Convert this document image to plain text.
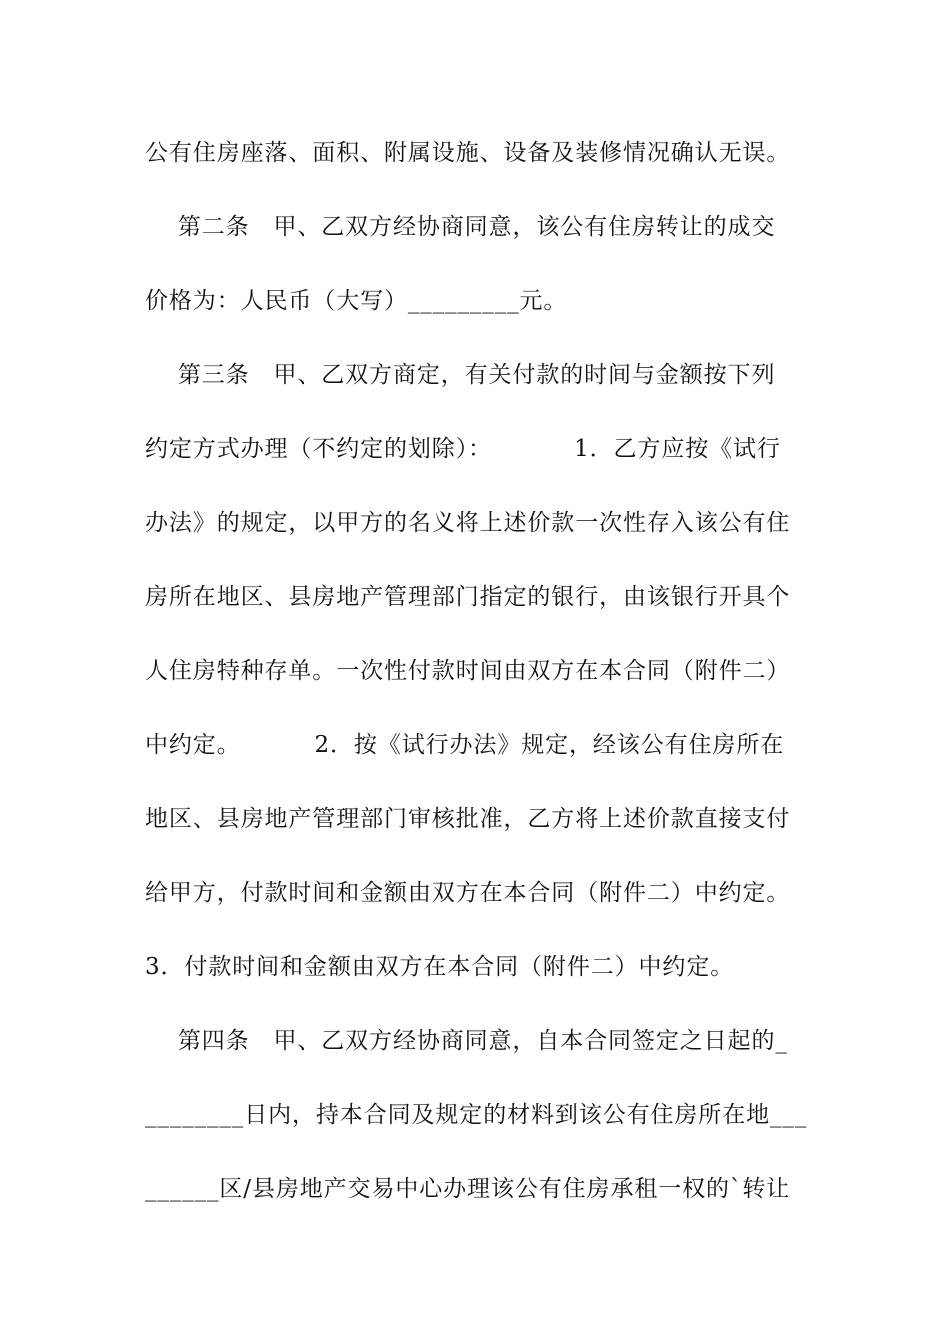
公有住房座落、面积、附属设施、设备及装修情况确认无误。
第二条　甲、乙双方经协商同意，该公有住房转让的成交
价格为：人民币（大写）_________元。
第三条　甲、乙双方商定，有关付款的时间与金额按下列
约定方式办理（不约定的划除）：          1．乙方应按《试行
办法》的规定，以甲方的名义将上述价款一次性存入该公有住
房所在地区、县房地产管理部门指定的银行，由该银行开具个
人住房特种存单。一次性付款时间由双方在本合同（附件二）
中约定。         2．按《试行办法》规定，经该公有住房所在
地区、县房地产管理部门审核批准，乙方将上述价款直接支付
给甲方，付款时间和金额由双方在本合同（附件二）中约定。
3．付款时间和金额由双方在本合同（附件二）中约定。
第四条　甲、乙双方经协商同意，自本合同签定之日起的_
________日内，持本合同及规定的材料到该公有住房所在地___
______区/县房地产交易中心办理该公有住房承租一权的`转让
